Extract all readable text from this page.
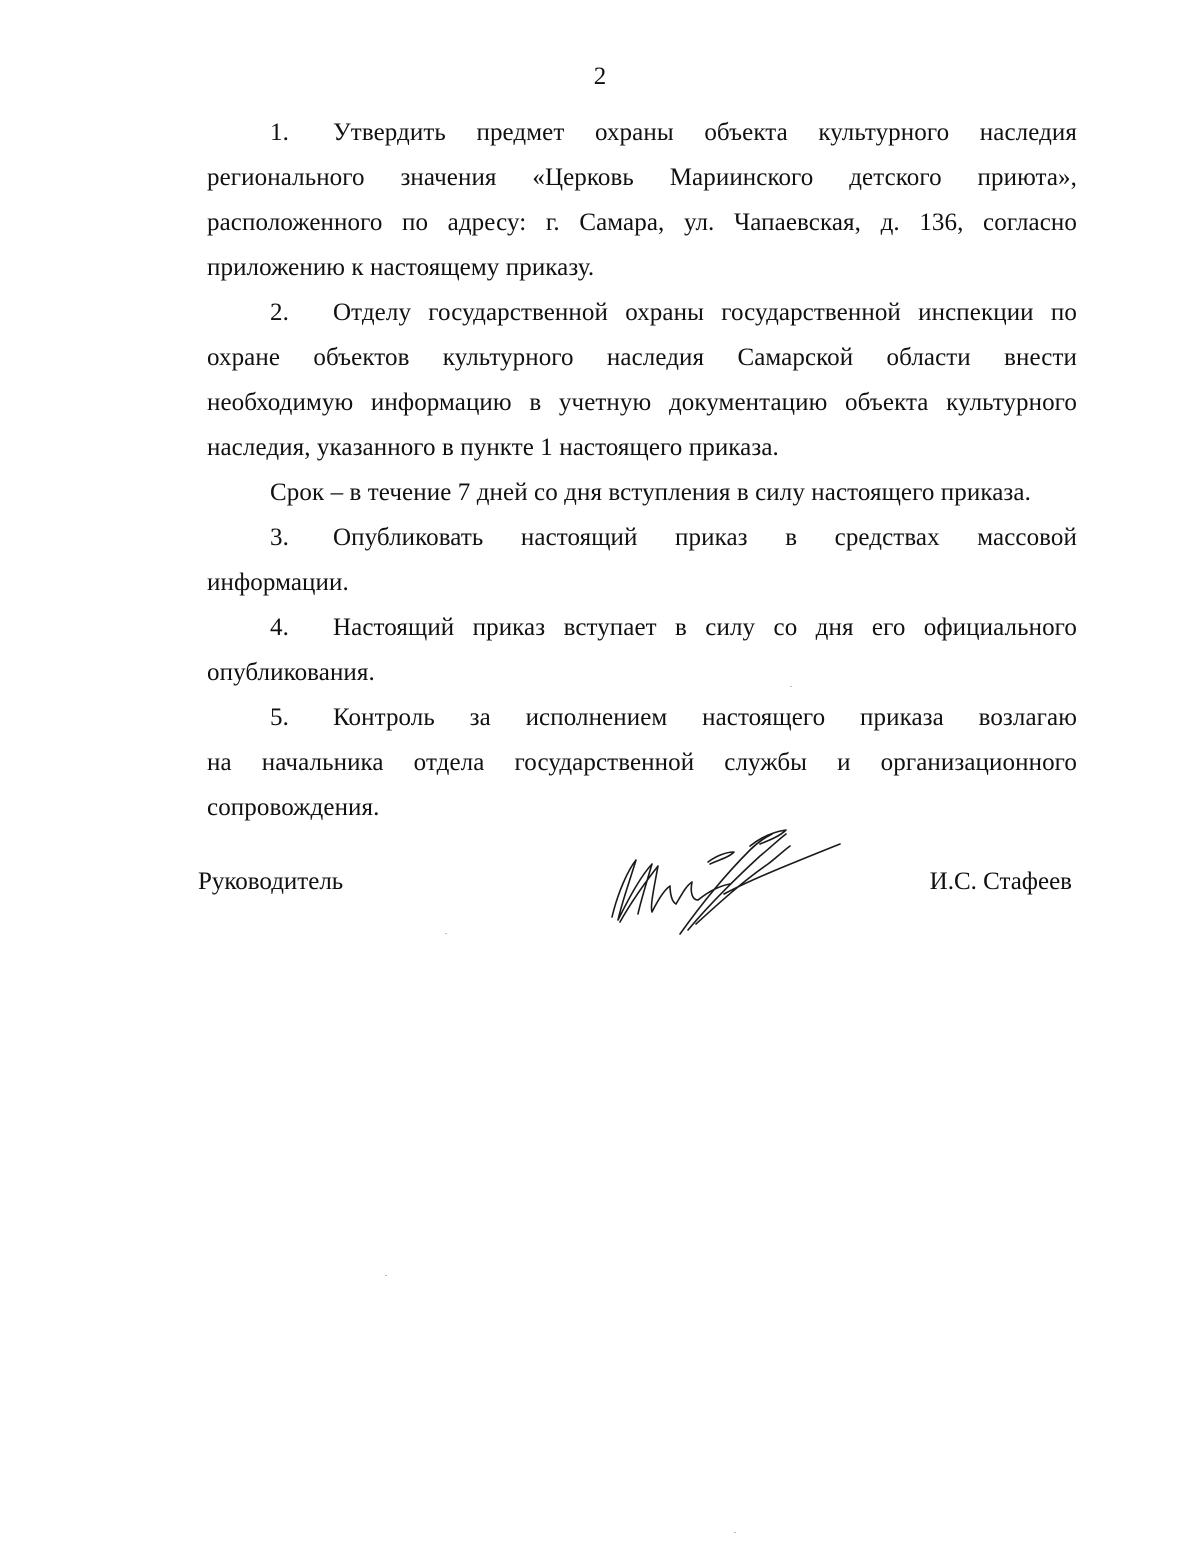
2
1. Утвердить предмет охраны объекта культурного наследия
регионального значения «Церковь Мариинского детского приюта»,
расположенного по адресу: г. Самара, ул. Чапаевская, д. 136, согласно
приложению к настоящему приказу.
2. Отделу государственной охраны государственной инспекции по
охране объектов культурного наследия Самарской области внести
необходимую информацию в учетную документацию объекта культурного
наследия, указанного в пункте 1 настоящего приказа.
Срок – в течение 7 дней со дня вступления в силу настоящего приказа.
3. Опубликовать настоящий приказ в средствах массовой
информации.
4. Настоящий приказ вступает в силу со дня его официального
опубликования.
5. Контроль за исполнением настоящего приказа возлагаю
на начальника отдела государственной службы и организационного
сопровождения.
Руководитель	И.С. Стафеев
